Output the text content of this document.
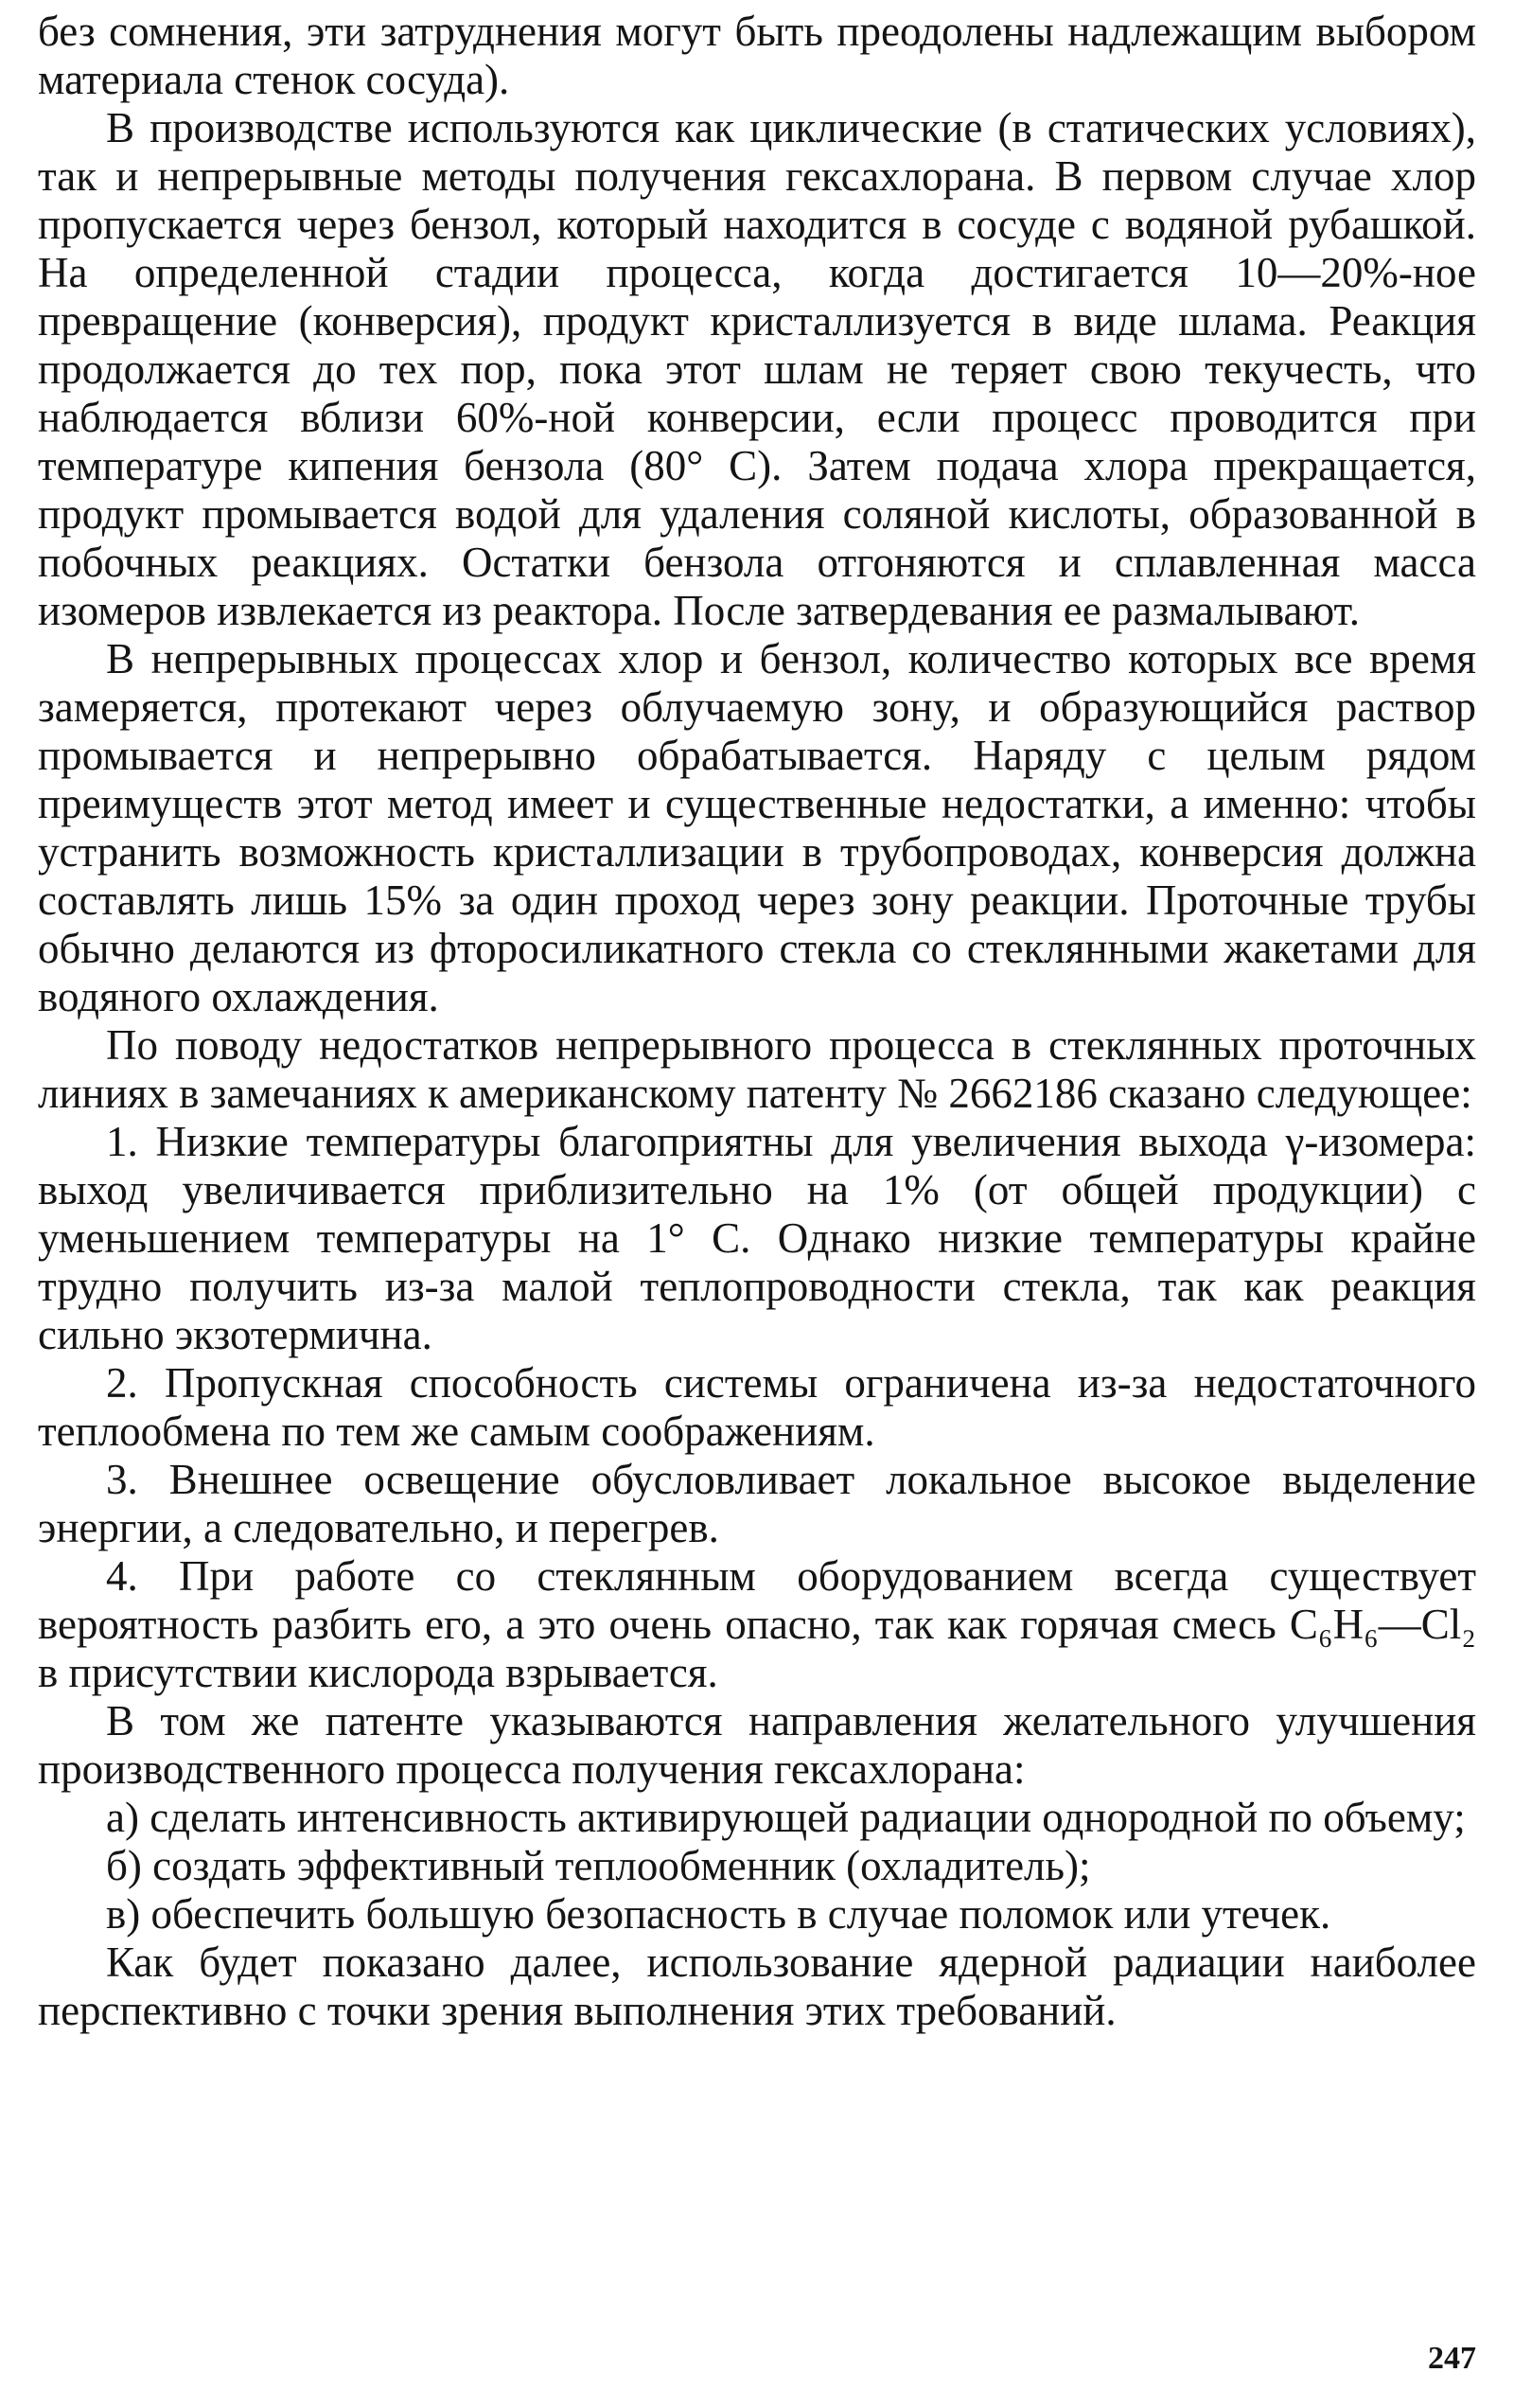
без сомнения, эти затруднения могут быть преодолены надлежащим выбором материала стенок сосуда).

В производстве используются как циклические (в статических условиях), так и непрерывные методы получения гексахлорана. В первом случае хлор пропускается через бензол, который находится в сосуде с водяной рубашкой. На определенной стадии процесса, когда достигается 10—20%-ное превращение (конверсия), продукт кристаллизуется в виде шлама. Реакция продолжается до тех пор, пока этот шлам не теряет свою текучесть, что наблюдается вблизи 60%-ной конверсии, если процесс проводится при температуре кипения бензола (80° С). Затем подача хлора прекращается, продукт промывается водой для удаления соляной кислоты, образованной в побочных реакциях. Остатки бензола отгоняются и сплавленная масса изомеров извлекается из реактора. После затвердевания ее размалывают.

В непрерывных процессах хлор и бензол, количество которых все время замеряется, протекают через облучаемую зону, и образующийся раствор промывается и непрерывно обрабатывается. Наряду с целым рядом преимуществ этот метод имеет и существенные недостатки, а именно: чтобы устранить возможность кристаллизации в трубопроводах, конверсия должна составлять лишь 15% за один проход через зону реакции. Проточные трубы обычно делаются из фторосиликатного стекла со стеклянными жакетами для водяного охлаждения.

По поводу недостатков непрерывного процесса в стеклянных проточных линиях в замечаниях к американскому патенту № 2662186 сказано следующее:

1. Низкие температуры благоприятны для увеличения выхода γ-изомера: выход увеличивается приблизительно на 1% (от общей продукции) с уменьшением температуры на 1° С. Однако низкие температуры крайне трудно получить из-за малой теплопроводности стекла, так как реакция сильно экзотермична.

2. Пропускная способность системы ограничена из-за недостаточного теплообмена по тем же самым соображениям.

3. Внешнее освещение обусловливает локальное высокое выделение энергии, а следовательно, и перегрев.

4. При работе со стеклянным оборудованием всегда существует вероятность разбить его, а это очень опасно, так как горячая смесь С₆Н₆—Сl₂ в присутствии кислорода взрывается.

В том же патенте указываются направления желательного улучшения производственного процесса получения гексахлорана:

а) сделать интенсивность активирующей радиации однородной по объему;

б) создать эффективный теплообменник (охладитель);

в) обеспечить большую безопасность в случае поломок или утечек.

Как будет показано далее, использование ядерной радиации наиболее перспективно с точки зрения выполнения этих требований.

247
